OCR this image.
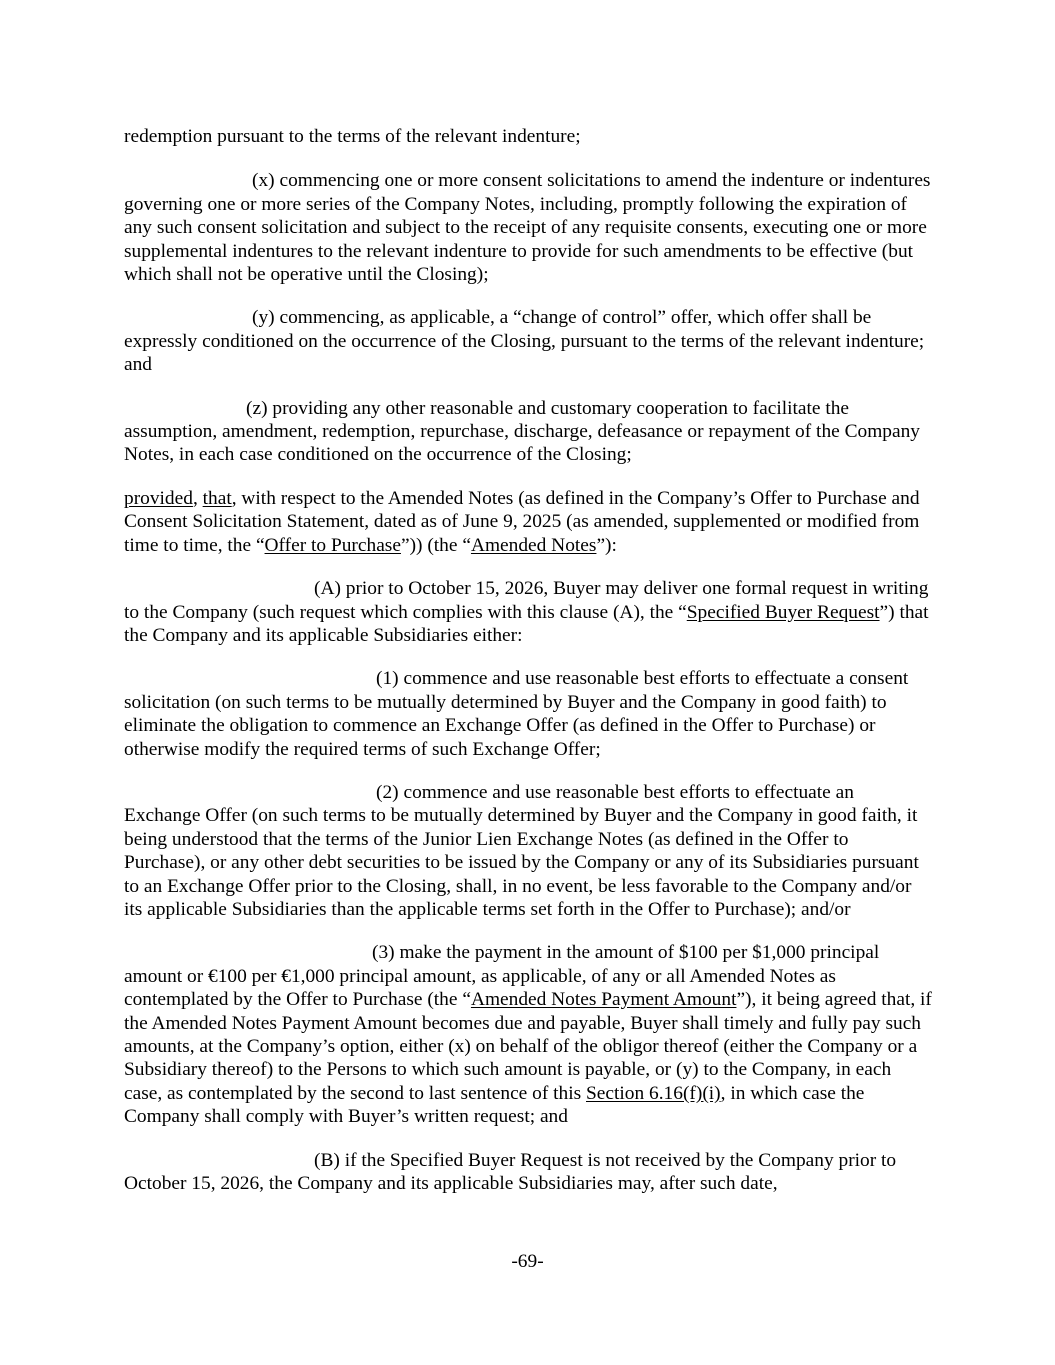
redemption pursuant to the terms of the relevant indenture;

(x) commencing one or more consent solicitations to amend the indenture or indentures governing one or more series of the Company Notes, including, promptly following the expiration of any such consent solicitation and subject to the receipt of any requisite consents, executing one or more supplemental indentures to the relevant indenture to provide for such amendments to be effective (but which shall not be operative until the Closing);

(y) commencing, as applicable, a “change of control” offer, which offer shall be expressly conditioned on the occurrence of the Closing, pursuant to the terms of the relevant indenture; and

(z) providing any other reasonable and customary cooperation to facilitate the assumption, amendment, redemption, repurchase, discharge, defeasance or repayment of the Company Notes, in each case conditioned on the occurrence of the Closing;

provided, that, with respect to the Amended Notes (as defined in the Company’s Offer to Purchase and Consent Solicitation Statement, dated as of June 9, 2025 (as amended, supplemented or modified from time to time, the “Offer to Purchase”)) (the “Amended Notes”):

(A) prior to October 15, 2026, Buyer may deliver one formal request in writing to the Company (such request which complies with this clause (A), the “Specified Buyer Request”) that the Company and its applicable Subsidiaries either:

(1) commence and use reasonable best efforts to effectuate a consent solicitation (on such terms to be mutually determined by Buyer and the Company in good faith) to eliminate the obligation to commence an Exchange Offer (as defined in the Offer to Purchase) or otherwise modify the required terms of such Exchange Offer;

(2) commence and use reasonable best efforts to effectuate an Exchange Offer (on such terms to be mutually determined by Buyer and the Company in good faith, it being understood that the terms of the Junior Lien Exchange Notes (as defined in the Offer to Purchase), or any other debt securities to be issued by the Company or any of its Subsidiaries pursuant to an Exchange Offer prior to the Closing, shall, in no event, be less favorable to the Company and/or its applicable Subsidiaries than the applicable terms set forth in the Offer to Purchase); and/or

(3) make the payment in the amount of $100 per $1,000 principal amount or €100 per €1,000 principal amount, as applicable, of any or all Amended Notes as contemplated by the Offer to Purchase (the “Amended Notes Payment Amount”), it being agreed that, if the Amended Notes Payment Amount becomes due and payable, Buyer shall timely and fully pay such amounts, at the Company’s option, either (x) on behalf of the obligor thereof (either the Company or a Subsidiary thereof) to the Persons to which such amount is payable, or (y) to the Company, in each case, as contemplated by the second to last sentence of this Section 6.16(f)(i), in which case the Company shall comply with Buyer’s written request; and

(B) if the Specified Buyer Request is not received by the Company prior to October 15, 2026, the Company and its applicable Subsidiaries may, after such date,

-69-
